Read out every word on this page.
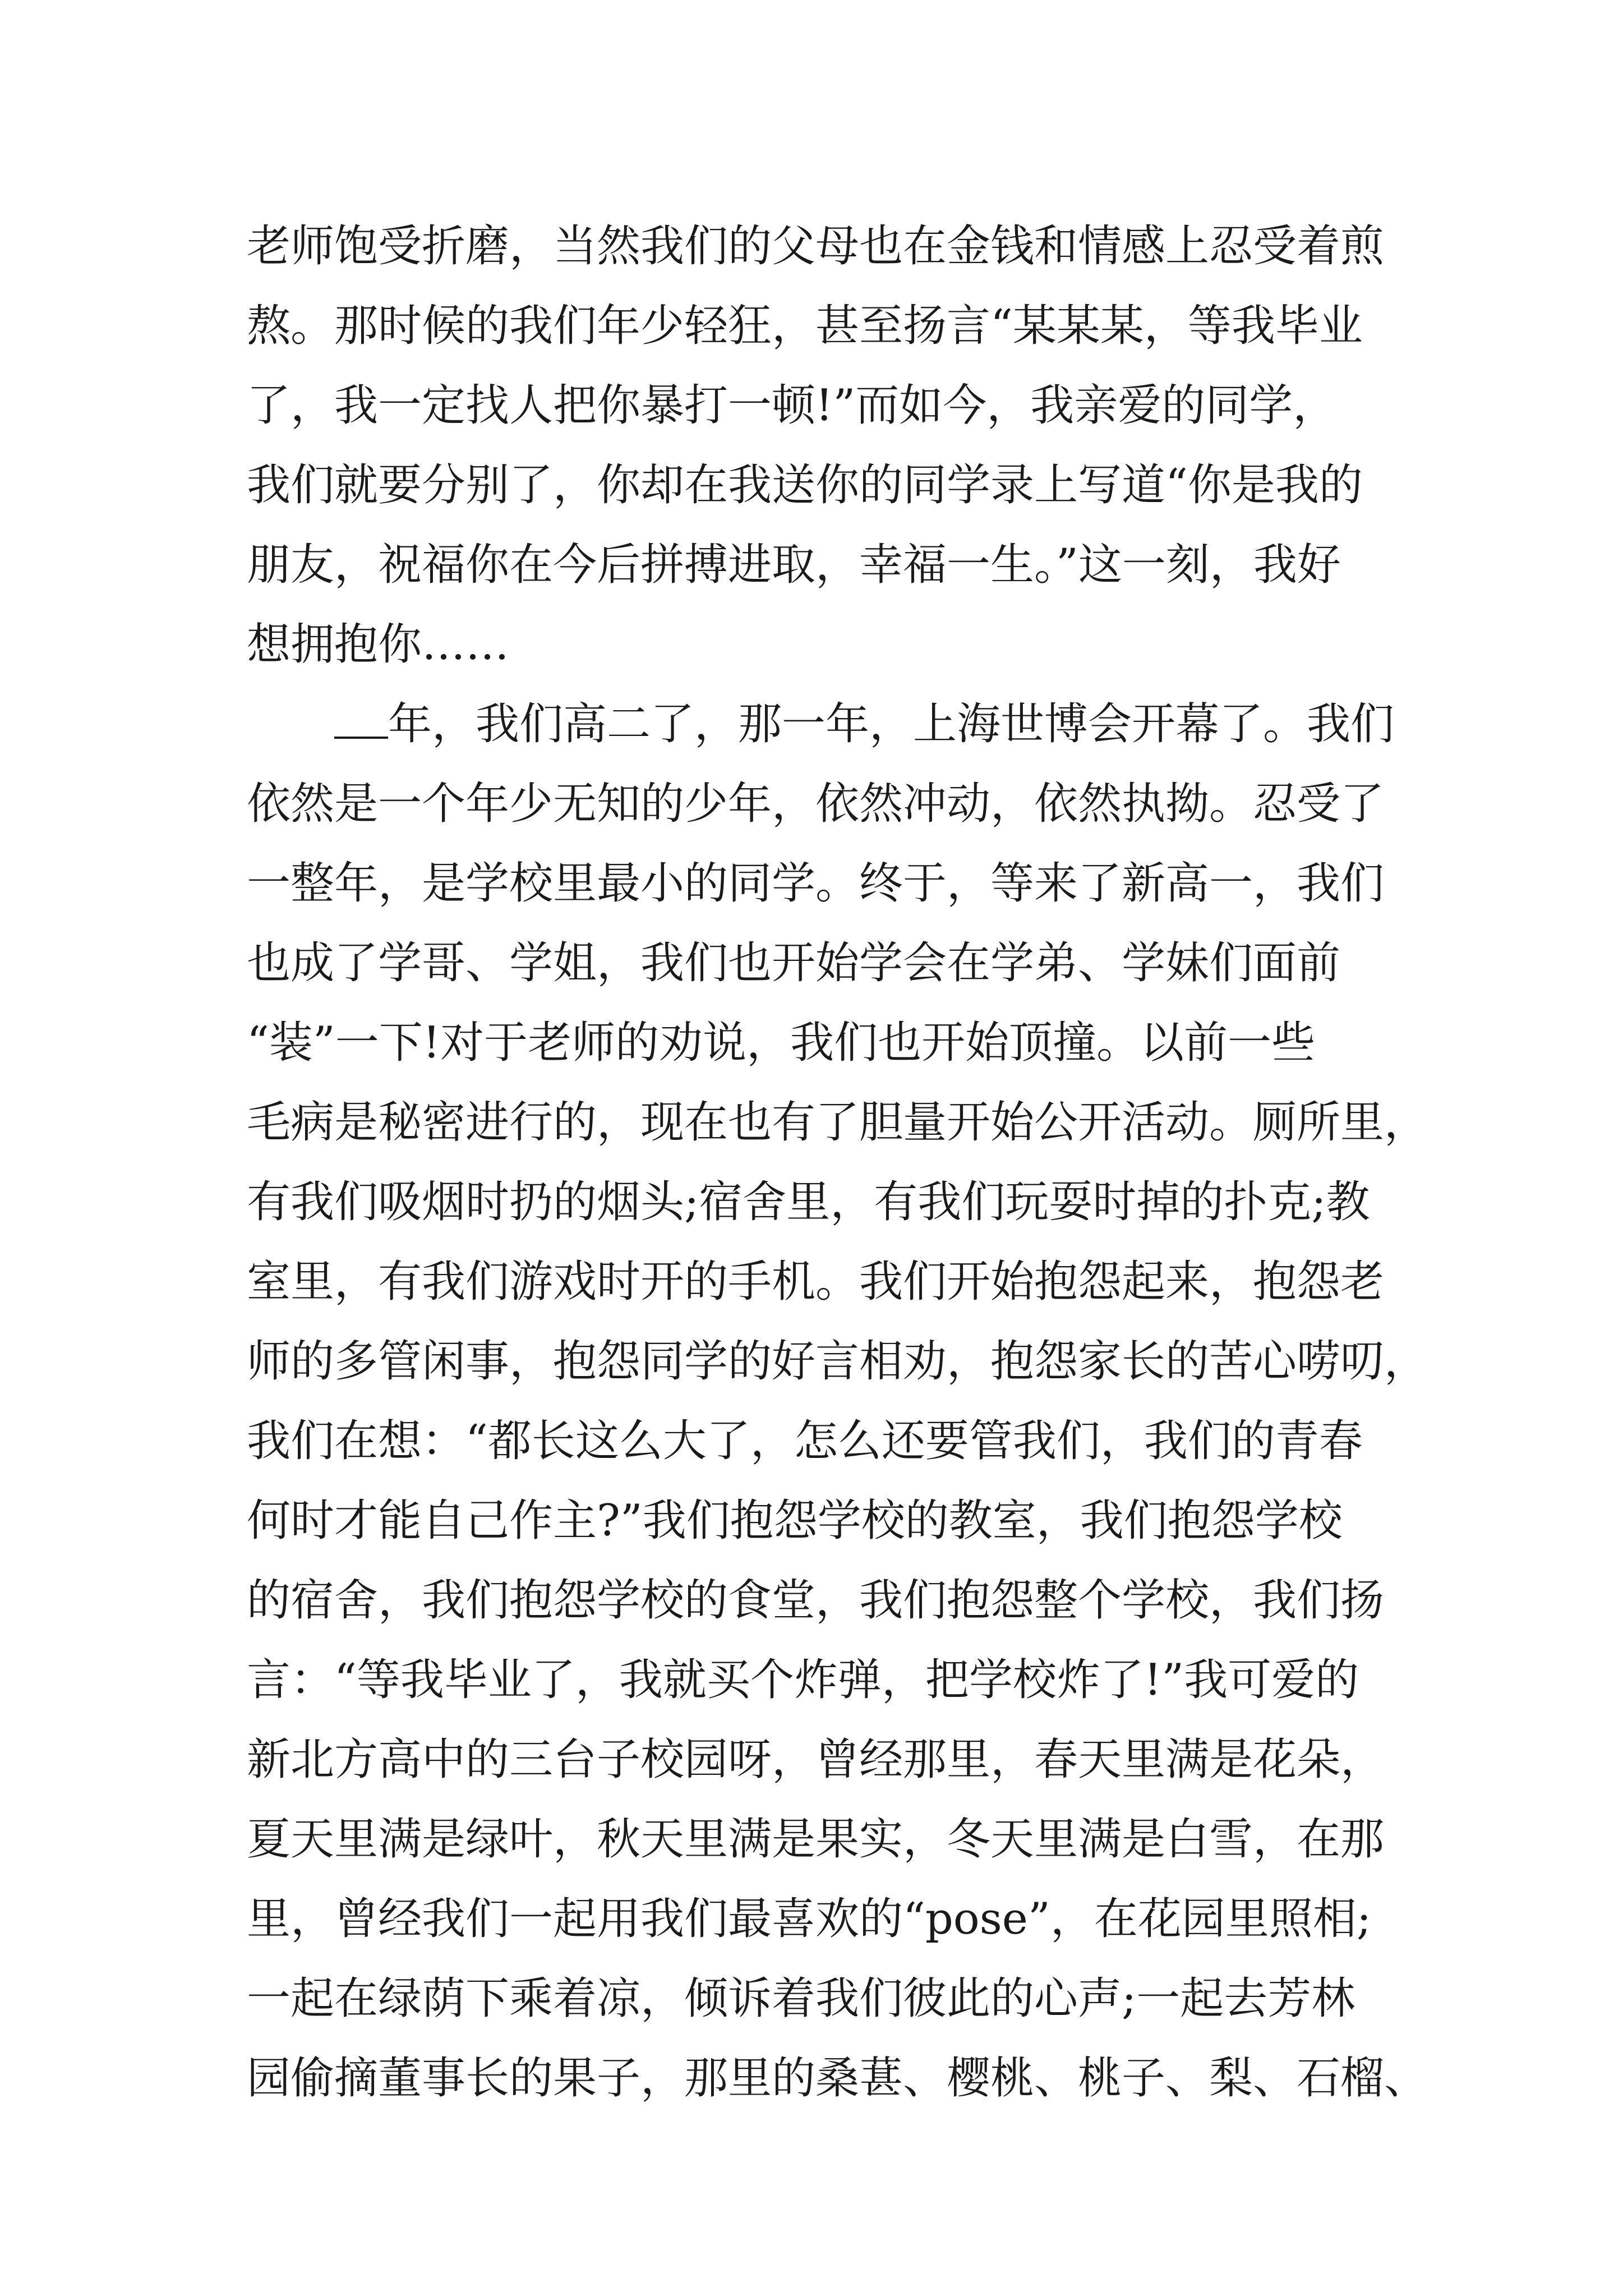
老师饱受折磨，当然我们的父母也在金钱和情感上忍受着煎
熬。那时候的我们年少轻狂，甚至扬言“某某某，等我毕业
了，我一定找人把你暴打一顿!”而如今，我亲爱的同学，
我们就要分别了，你却在我送你的同学录上写道“你是我的
朋友，祝福你在今后拼搏进取，幸福一生。”这一刻，我好
想拥抱你……
年，我们高二了，那一年，上海世博会开幕了。我们
依然是一个年少无知的少年，依然冲动，依然执拗。忍受了
一整年，是学校里最小的同学。终于，等来了新高一，我们
也成了学哥、学姐，我们也开始学会在学弟、学妹们面前
“装”一下!对于老师的劝说，我们也开始顶撞。以前一些
毛病是秘密进行的，现在也有了胆量开始公开活动。厕所里，
有我们吸烟时扔的烟头;宿舍里，有我们玩耍时掉的扑克;教
室里，有我们游戏时开的手机。我们开始抱怨起来，抱怨老
师的多管闲事，抱怨同学的好言相劝，抱怨家长的苦心唠叨，
我们在想：“都长这么大了，怎么还要管我们，我们的青春
何时才能自己作主?”我们抱怨学校的教室，我们抱怨学校
的宿舍，我们抱怨学校的食堂，我们抱怨整个学校，我们扬
言：“等我毕业了，我就买个炸弹，把学校炸了!”我可爱的
新北方高中的三台子校园呀，曾经那里，春天里满是花朵，
夏天里满是绿叶，秋天里满是果实，冬天里满是白雪，在那
里，曾经我们一起用我们最喜欢的“pose”，在花园里照相;
一起在绿荫下乘着凉，倾诉着我们彼此的心声;一起去芳林
园偷摘董事长的果子，那里的桑葚、樱桃、桃子、梨、石榴、
